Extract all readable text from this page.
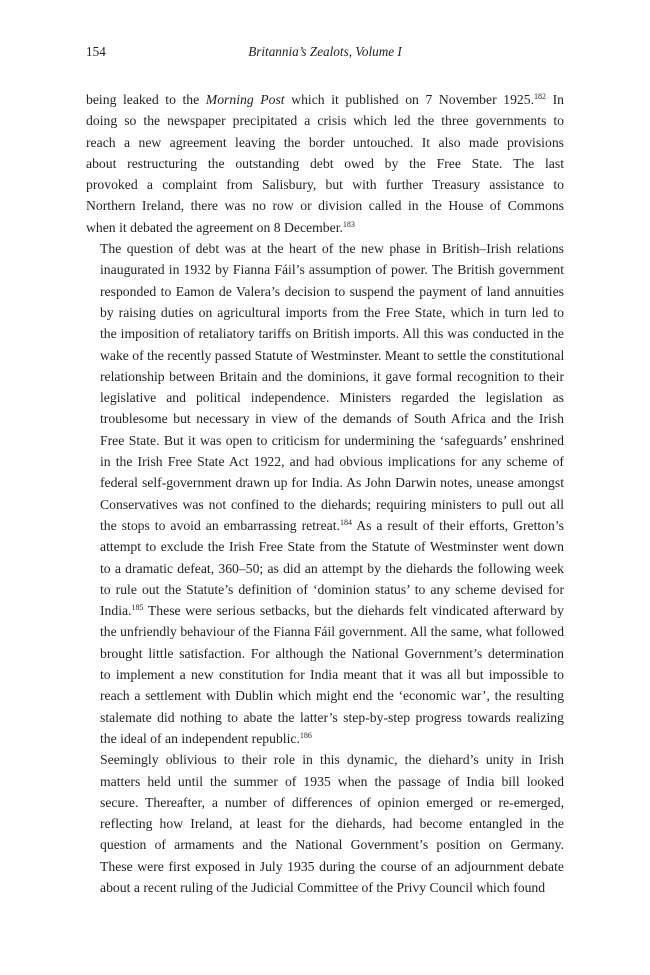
154	Britannia’s Zealots, Volume I
being leaked to the Morning Post which it published on 7 November 1925.$^{182}$ In
doing so the newspaper precipitated a crisis which led the three governments to
reach a new agreement leaving the border untouched. It also made provisions
about restructuring the outstanding debt owed by the Free State. The last
provoked a complaint from Salisbury, but with further Treasury assistance to
Northern Ireland, there was no row or division called in the House of Commons
when it debated the agreement on 8 December.$^{183}$
The question of debt was at the heart of the new phase in British–Irish relations
inaugurated in 1932 by Fianna Fáil’s assumption of power. The British government
responded to Eamon de Valera’s decision to suspend the payment of land annuities
by raising duties on agricultural imports from the Free State, which in turn led to
the imposition of retaliatory tariffs on British imports. All this was conducted in the
wake of the recently passed Statute of Westminster. Meant to settle the constitutional
relationship between Britain and the dominions, it gave formal recognition to their
legislative and political independence. Ministers regarded the legislation as
troublesome but necessary in view of the demands of South Africa and the Irish
Free State. But it was open to criticism for undermining the ‘safeguards’ enshrined
in the Irish Free State Act 1922, and had obvious implications for any scheme of
federal self-government drawn up for India. As John Darwin notes, unease amongst
Conservatives was not confined to the diehards; requiring ministers to pull out all
the stops to avoid an embarrassing retreat.$^{184}$ As a result of their efforts, Gretton’s
attempt to exclude the Irish Free State from the Statute of Westminster went down
to a dramatic defeat, 360–50; as did an attempt by the diehards the following week
to rule out the Statute’s definition of ‘dominion status’ to any scheme devised for
India.$^{185}$ These were serious setbacks, but the diehards felt vindicated afterward by
the unfriendly behaviour of the Fianna Fáil government. All the same, what followed
brought little satisfaction. For although the National Government’s determination
to implement a new constitution for India meant that it was all but impossible to
reach a settlement with Dublin which might end the ‘economic war’, the resulting
stalemate did nothing to abate the latter’s step-by-step progress towards realizing
the ideal of an independent republic.$^{186}$
Seemingly oblivious to their role in this dynamic, the diehard’s unity in Irish
matters held until the summer of 1935 when the passage of India bill looked
secure. Thereafter, a number of differences of opinion emerged or re-emerged,
reflecting how Ireland, at least for the diehards, had become entangled in the
question of armaments and the National Government’s position on Germany.
These were first exposed in July 1935 during the course of an adjournment debate
about a recent ruling of the Judicial Committee of the Privy Council which found
